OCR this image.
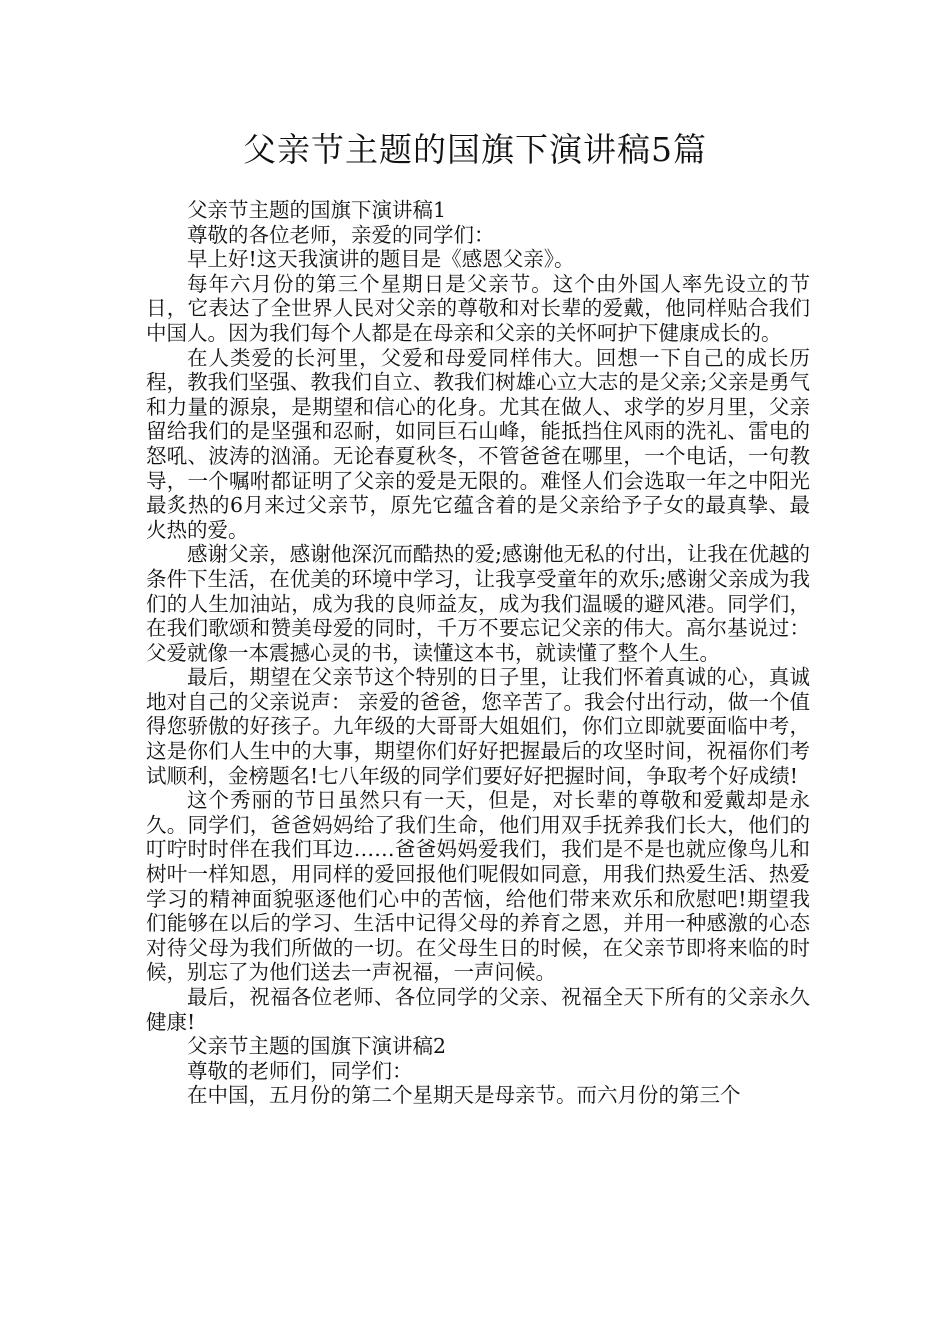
父亲节主题的国旗下演讲稿5篇

父亲节主题的国旗下演讲稿1

尊敬的各位老师，亲爱的同学们：

早上好!这天我演讲的题目是《感恩父亲》。

每年六月份的第三个星期日是父亲节。这个由外国人率先设立的节日，它表达了全世界人民对父亲的尊敬和对长辈的爱戴，他同样贴合我们中国人。因为我们每个人都是在母亲和父亲的关怀呵护下健康成长的。

在人类爱的长河里，父爱和母爱同样伟大。回想一下自己的成长历程，教我们坚强、教我们自立、教我们树雄心立大志的是父亲;父亲是勇气和力量的源泉，是期望和信心的化身。尤其在做人、求学的岁月里，父亲留给我们的是坚强和忍耐，如同巨石山峰，能抵挡住风雨的洗礼、雷电的怒吼、波涛的汹涌。无论春夏秋冬，不管爸爸在哪里，一个电话，一句教导，一个嘱咐都证明了父亲的爱是无限的。难怪人们会选取一年之中阳光最炙热的6月来过父亲节，原先它蕴含着的是父亲给予子女的最真挚、最火热的爱。

感谢父亲，感谢他深沉而酷热的爱;感谢他无私的付出，让我在优越的条件下生活，在优美的环境中学习，让我享受童年的欢乐;感谢父亲成为我们的人生加油站，成为我的良师益友，成为我们温暖的避风港。同学们，在我们歌颂和赞美母爱的同时，千万不要忘记父亲的伟大。高尔基说过：父爱就像一本震撼心灵的书，读懂这本书，就读懂了整个人生。

最后，期望在父亲节这个特别的日子里，让我们怀着真诚的心，真诚地对自己的父亲说声： 亲爱的爸爸，您辛苦了。我会付出行动，做一个值得您骄傲的好孩子。九年级的大哥哥大姐姐们，你们立即就要面临中考，这是你们人生中的大事，期望你们好好把握最后的攻坚时间，祝福你们考试顺利，金榜题名!七八年级的同学们要好好把握时间，争取考个好成绩!

这个秀丽的节日虽然只有一天，但是，对长辈的尊敬和爱戴却是永久。同学们，爸爸妈妈给了我们生命，他们用双手抚养我们长大，他们的叮咛时时伴在我们耳边……爸爸妈妈爱我们，我们是不是也就应像鸟儿和树叶一样知恩，用同样的爱回报他们呢假如同意，用我们热爱生活、热爱学习的精神面貌驱逐他们心中的苦恼，给他们带来欢乐和欣慰吧!期望我们能够在以后的学习、生活中记得父母的养育之恩，并用一种感激的心态对待父母为我们所做的一切。在父母生日的时候，在父亲节即将来临的时候，别忘了为他们送去一声祝福，一声问候。

最后，祝福各位老师、各位同学的父亲、祝福全天下所有的父亲永久健康!

父亲节主题的国旗下演讲稿2

尊敬的老师们，同学们：

在中国，五月份的第二个星期天是母亲节。而六月份的第三个
